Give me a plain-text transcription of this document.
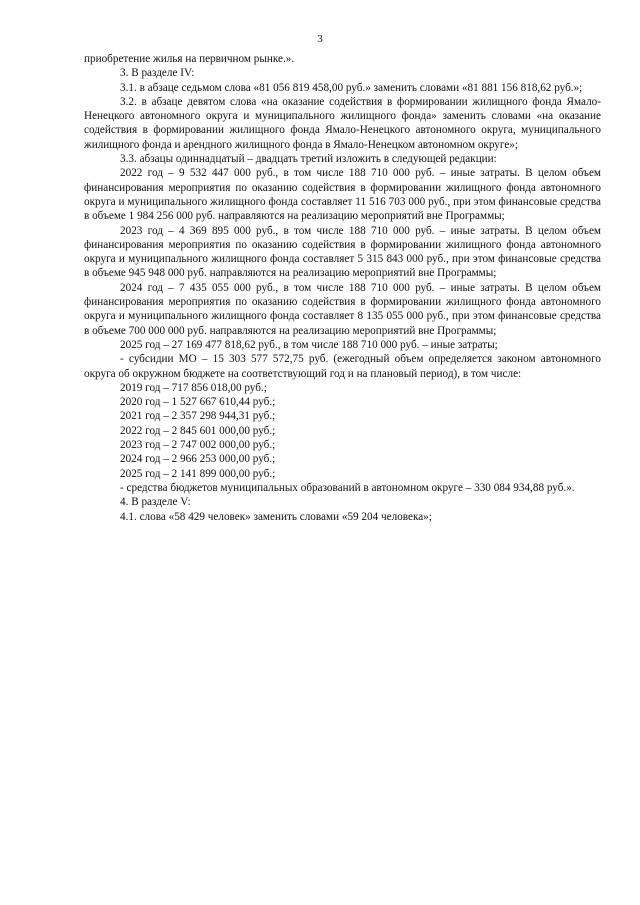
3

приобретение жилья на первичном рынке.».

3. В разделе IV:

3.1. в абзаце седьмом слова «81 056 819 458,00 руб.» заменить словами «81 881 156 818,62 руб.»;

3.2. в абзаце девятом слова «на оказание содействия в формировании жилищного фонда Ямало-Ненецкого автономного округа и муниципального жилищного фонда» заменить словами «на оказание содействия в формировании жилищного фонда Ямало-Ненецкого автономного округа, муниципального жилищного фонда и арендного жилищного фонда в Ямало-Ненецком автономном округе»;

3.3. абзацы одиннадцатый – двадцать третий изложить в следующей редакции:

2022 год – 9 532 447 000 руб., в том числе 188 710 000 руб. – иные затраты. В целом объем финансирования мероприятия по оказанию содействия в формировании жилищного фонда автономного округа и муниципального жилищного фонда составляет 11 516 703 000 руб., при этом финансовые средства в объеме 1 984 256 000 руб. направляются на реализацию мероприятий вне Программы;

2023 год – 4 369 895 000 руб., в том числе 188 710 000 руб. – иные затраты. В целом объем финансирования мероприятия по оказанию содействия в формировании жилищного фонда автономного округа и муниципального жилищного фонда составляет 5 315 843 000 руб., при этом финансовые средства в объеме 945 948 000 руб. направляются на реализацию мероприятий вне Программы;

2024 год – 7 435 055 000 руб., в том числе 188 710 000 руб. – иные затраты. В целом объем финансирования мероприятия по оказанию содействия в формировании жилищного фонда автономного округа и муниципального жилищного фонда составляет 8 135 055 000 руб., при этом финансовые средства в объеме 700 000 000 руб. направляются на реализацию мероприятий вне Программы;

2025 год – 27 169 477 818,62 руб., в том числе 188 710 000 руб. – иные затраты;

- субсидии МО – 15 303 577 572,75 руб. (ежегодный объем определяется законом автономного округа об окружном бюджете на соответствующий год и на плановый период), в том числе:

2019 год – 717 856 018,00 руб.;

2020 год – 1 527 667 610,44 руб.;

2021 год – 2 357 298 944,31 руб.;

2022 год – 2 845 601 000,00 руб.;

2023 год – 2 747 002 000,00 руб.;

2024 год – 2 966 253 000,00 руб.;

2025 год – 2 141 899 000,00 руб.;

- средства бюджетов муниципальных образований в автономном округе – 330 084 934,88 руб.».

4. В разделе V:

4.1. слова «58 429 человек» заменить словами «59 204 человека»;
